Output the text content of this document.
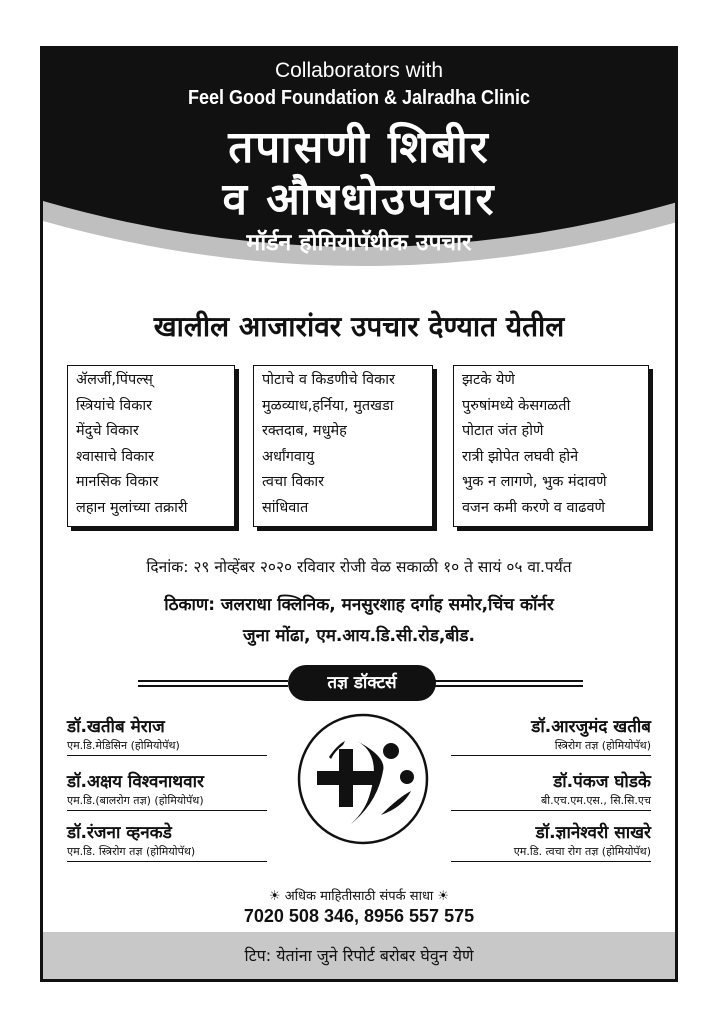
Collaborators with
Feel Good Foundation & Jalradha Clinic
तपासणी शिबीर
व औषधोउपचार
मॉर्डन होमियोपॅथीक उपचार
खालील आजारांवर उपचार देण्यात येतील
ॲलर्जी,पिंपल्स्
स्त्रियांचे विकार
मेंदुचे विकार
श्वासाचे विकार
मानसिक विकार
लहान मुलांच्या तक्रारी
पोटाचे व किडणीचे विकार
मुळव्याध,हर्निया, मुतखडा
रक्तदाब, मधुमेह
अर्धांगवायु
त्वचा विकार
सांधिवात
झटके येणे
पुरुषांमध्ये केसगळती
पोटात जंत होणे
रात्री झोपेत लघवी होने
भुक न लागणे, भुक मंदावणे
वजन कमी करणे व वाढवणे
दिनांक: २९ नोव्हेंबर २०२० रविवार रोजी वेळ सकाळी १० ते सायं ०५ वा.पर्यंत
ठिकाण: जलराधा क्लिनिक, मनसुरशाह दर्गाह समोर,चिंच कॉर्नर
जुना मोंढा, एम.आय.डि.सी.रोड,बीड.
तज्ञ डॉक्टर्स
डॉ.खतीब मेराज
एम.डि.मेडिसिन (होमियोपॅथ)
डॉ.अक्षय विश्वनाथवार
एम.डि.(बालरोग तज्ञ) (होमियोपॅथ)
डॉ.रंजना व्हनकडे
एम.डि. स्त्रिरोग तज्ञ (होमियोपॅथ)
डॉ.आरजुमंद खतीब
स्त्रिरोग तज्ञ (होमियोपॅथ)
डॉ.पंकज घोडके
बी.एच.एम.एस., सि.सि.एच
डॉ.ज्ञानेश्वरी साखरे
एम.डि. त्वचा रोग तज्ञ (होमियोपॅथ)
☀ अधिक माहितीसाठी संपर्क साधा ☀
7020 508 346, 8956 557 575
टिप: येतांना जुने रिपोर्ट बरोबर घेवुन येणे
